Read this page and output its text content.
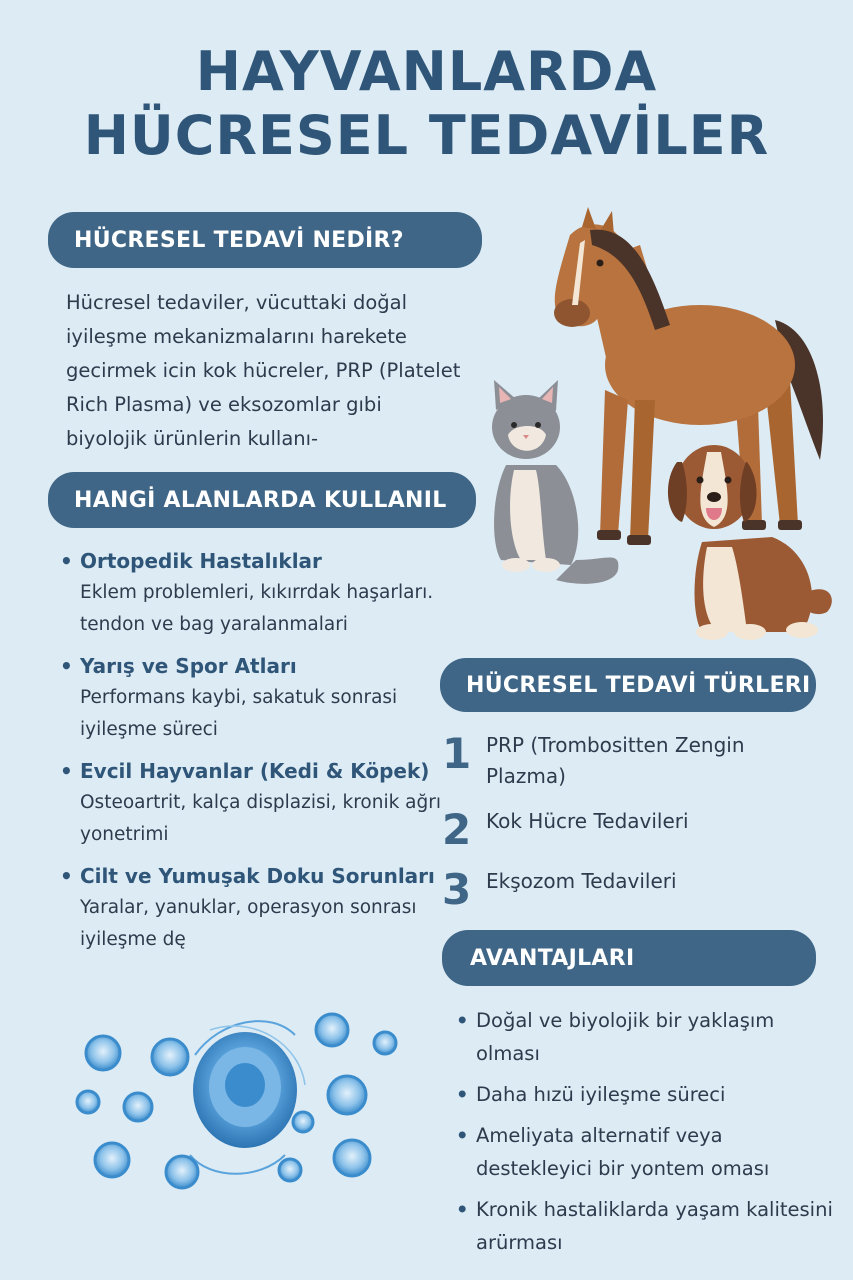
HAYVANLARDA
HÜCRESEL TEDAVİLER
HÜCRESEL TEDAVİ NEDİR?
Hücresel tedaviler, vücuttaki doğal iyileşme mekanizmalarını harekete gecirmek icin kok hücreler, PRP (Platelet Rich Plasma) ve eksozomlar gıbi biyolojik ürünlerin kullanı-
HANGİ ALANLARDA KULLANIL
• Ortopedik Hastalıklar
Eklem problemleri, kıkırrdak haşarları. tendon ve bag yaralanmalari
• Yarış ve Spor Atları
Performans kaybi, sakatuk sonrasi iyileşme süreci
• Evcil Hayvanlar (Kedi & Köpek)
Osteoartrit, kalça displazisi, kronik ağrı yonetrimi
• Cilt ve Yumuşak Doku Sorunları
Yaralar, yanuklar, operasyon sonrası iyileşme dę
HÜCRESEL TEDAVİ TÜRLERI
1 PRP (Trombositten Zengin Plazma)
2 Kok Hücre Tedavileri
3 Ekşozom Tedavileri
AVANTAJLARI
• Doğal ve biyolojik bir yaklaşım olması
• Daha hızü iyileşme süreci
• Ameliyata alternatif veya destekleyici bir yontem oması
• Kronik hastaliklarda yaşam kalitesini arürması
